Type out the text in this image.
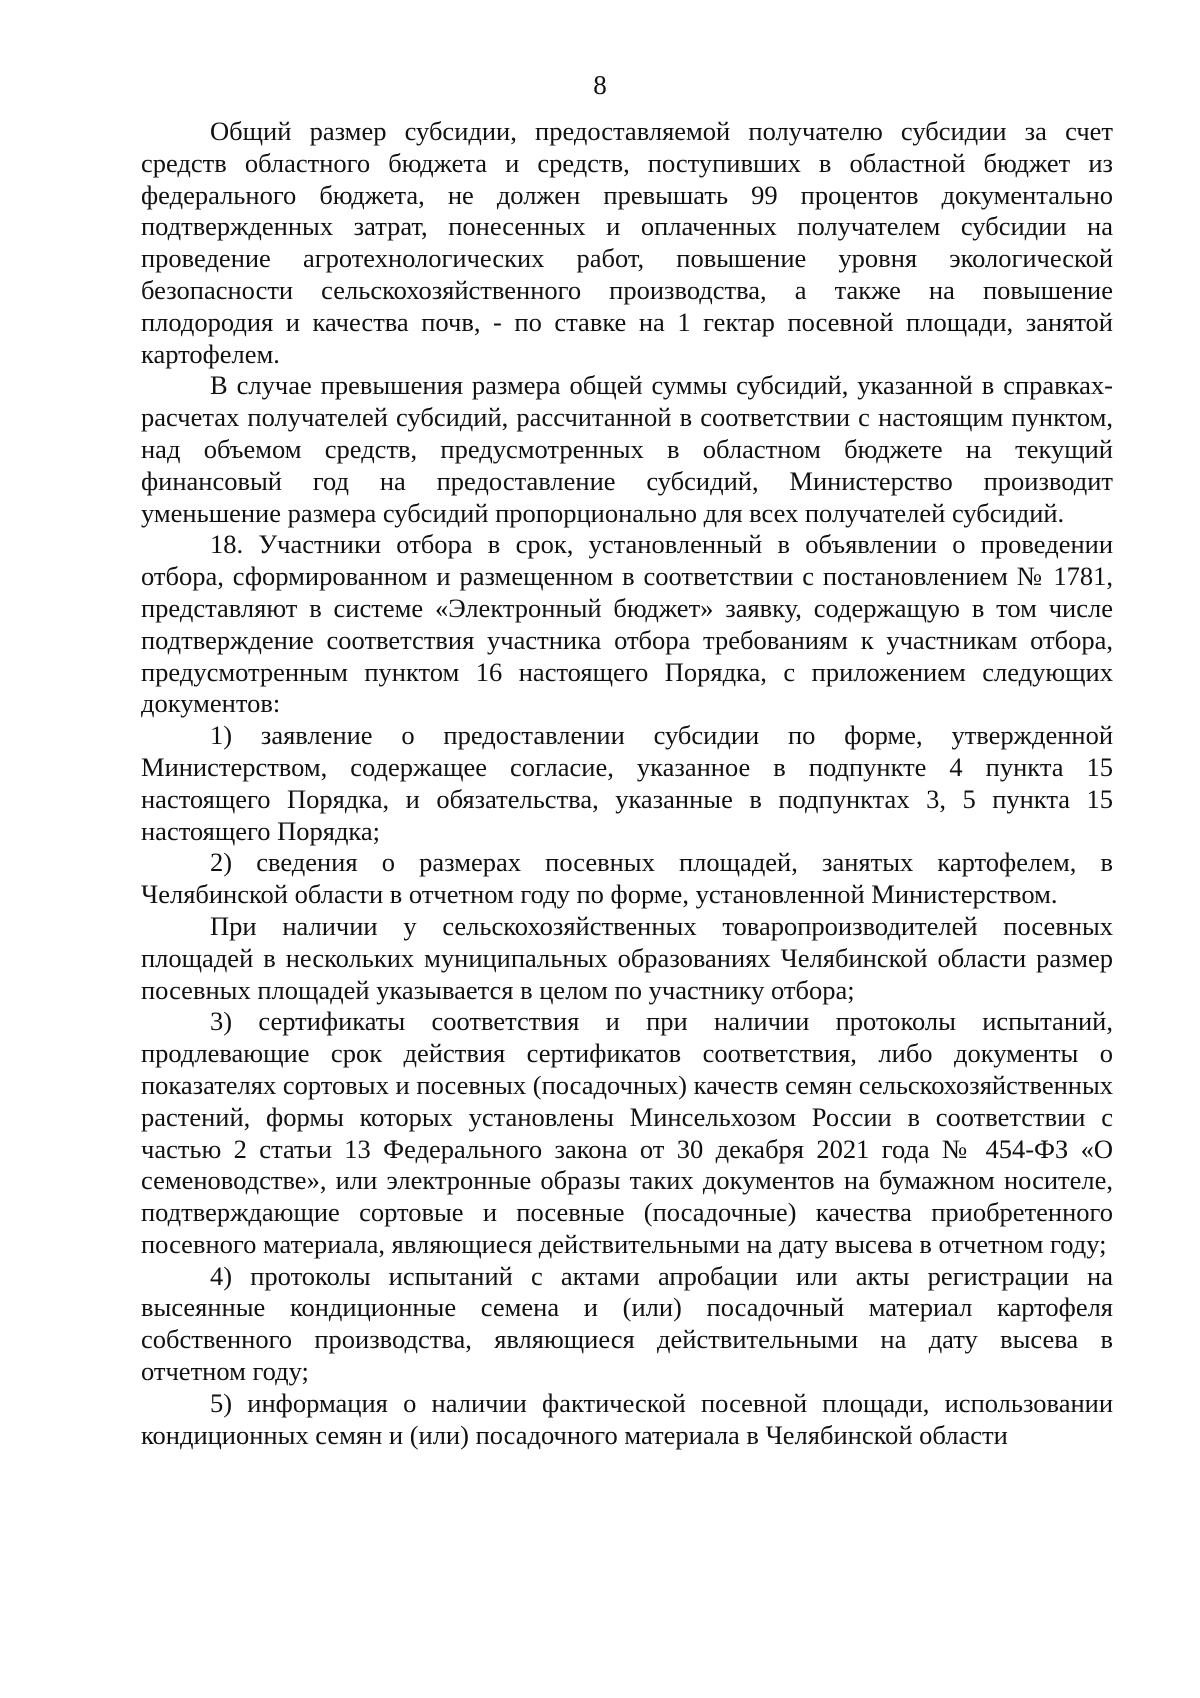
8

Общий размер субсидии, предоставляемой получателю субсидии за счет средств областного бюджета и средств, поступивших в областной бюджет из федерального бюджета, не должен превышать 99 процентов документально подтвержденных затрат, понесенных и оплаченных получателем субсидии на проведение агротехнологических работ, повышение уровня экологической безопасности сельскохозяйственного производства, а также на повышение плодородия и качества почв, - по ставке на 1 гектар посевной площади, занятой картофелем.

В случае превышения размера общей суммы субсидий, указанной в справках-расчетах получателей субсидий, рассчитанной в соответствии с настоящим пунктом, над объемом средств, предусмотренных в областном бюджете на текущий финансовый год на предоставление субсидий, Министерство производит уменьшение размера субсидий пропорционально для всех получателей субсидий.

18. Участники отбора в срок, установленный в объявлении о проведении отбора, сформированном и размещенном в соответствии с постановлением № 1781, представляют в системе «Электронный бюджет» заявку, содержащую в том числе подтверждение соответствия участника отбора требованиям к участникам отбора, предусмотренным пунктом 16 настоящего Порядка, с приложением следующих документов:

1) заявление о предоставлении субсидии по форме, утвержденной Министерством, содержащее согласие, указанное в подпункте 4 пункта 15 настоящего Порядка, и обязательства, указанные в подпунктах 3, 5 пункта 15 настоящего Порядка;

2) сведения о размерах посевных площадей, занятых картофелем, в Челябинской области в отчетном году по форме, установленной Министерством.

При наличии у сельскохозяйственных товаропроизводителей посевных площадей в нескольких муниципальных образованиях Челябинской области размер посевных площадей указывается в целом по участнику отбора;

3) сертификаты соответствия и при наличии протоколы испытаний, продлевающие срок действия сертификатов соответствия, либо документы о показателях сортовых и посевных (посадочных) качеств семян сельскохозяйственных растений, формы которых установлены Минсельхозом России в соответствии с частью 2 статьи 13 Федерального закона от 30 декабря 2021 года № 454-ФЗ «О семеноводстве», или электронные образы таких документов на бумажном носителе, подтверждающие сортовые и посевные (посадочные) качества приобретенного посевного материала, являющиеся действительными на дату высева в отчетном году;

4) протоколы испытаний с актами апробации или акты регистрации на высеянные кондиционные семена и (или) посадочный материал картофеля собственного производства, являющиеся действительными на дату высева в отчетном году;

5) информация о наличии фактической посевной площади, использовании кондиционных семян и (или) посадочного материала в Челябинской области
